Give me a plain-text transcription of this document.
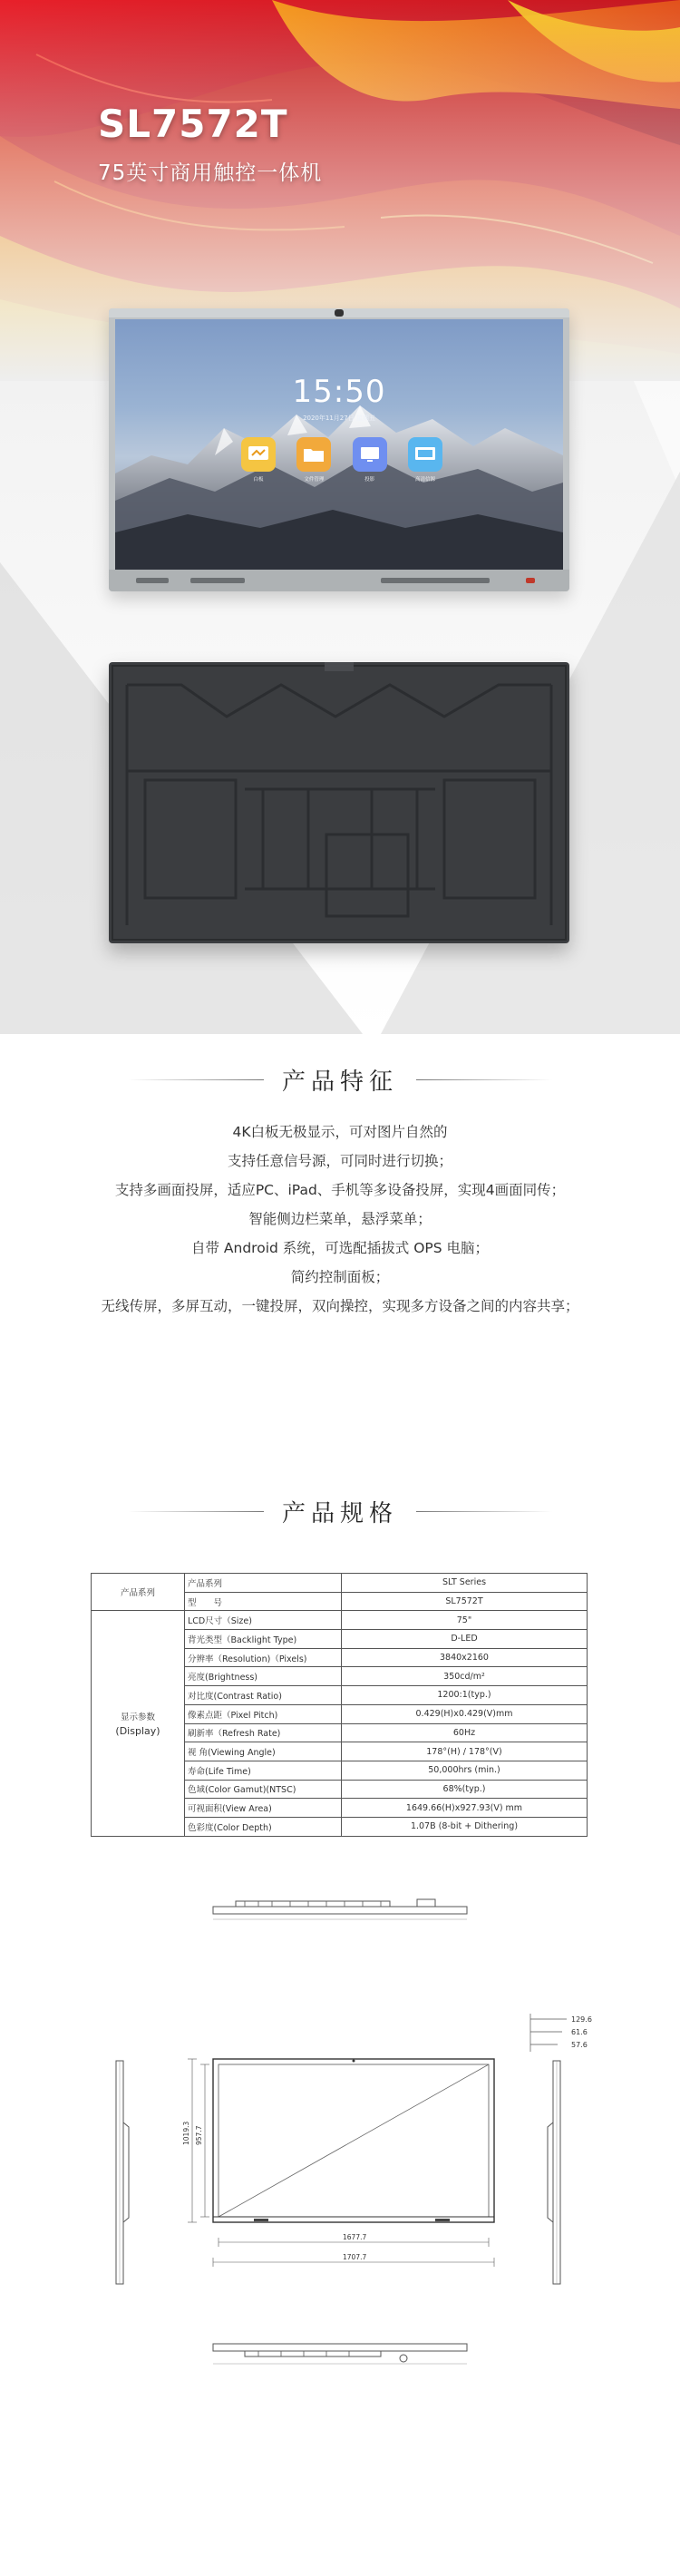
SL7572T

75英寸商用触控一体机

15:50
2020年11月27日 星期五
白板	文件管理	投影	高清信源
产品特征
4K白板无极显示，可对图片自然的
支持任意信号源，可同时进行切换；
支持多画面投屏，适应PC、iPad、手机等多设备投屏，实现4画面同传；
智能侧边栏菜单，悬浮菜单；
自带 Android 系统，可选配插拔式 OPS 电脑；
简约控制面板；
无线传屏，多屏互动，一键投屏，双向操控，实现多方设备之间的内容共享；
产品规格
产品系列	产品系列	SLT Series
	型　　号	SL7572T

显示参数
(Display)	LCD尺寸（Size)	75"
	背光类型（Backlight Type)	D-LED
	分辨率（Resolution)（Pixels)	3840x2160
	亮度(Brightness)	350cd/m²
	对比度(Contrast Ratio)	1200:1(typ.)
	像素点距（Pixel Pitch)	0.429(H)x0.429(V)mm
	刷新率（Refresh Rate)	60Hz
	视 角(Viewing Angle)	178°(H) / 178°(V)
	寿命(Life Time)	50,000hrs (min.)
	色域(Color Gamut)(NTSC)	68%(typ.)
	可视面积(View Area)	1649.66(H)x927.93(V) mm
	色彩度(Color Depth)	1.07B (8-bit + Dithering)
129.6
61.6
57.6
1019.3 957.7
1677.7
1707.7
